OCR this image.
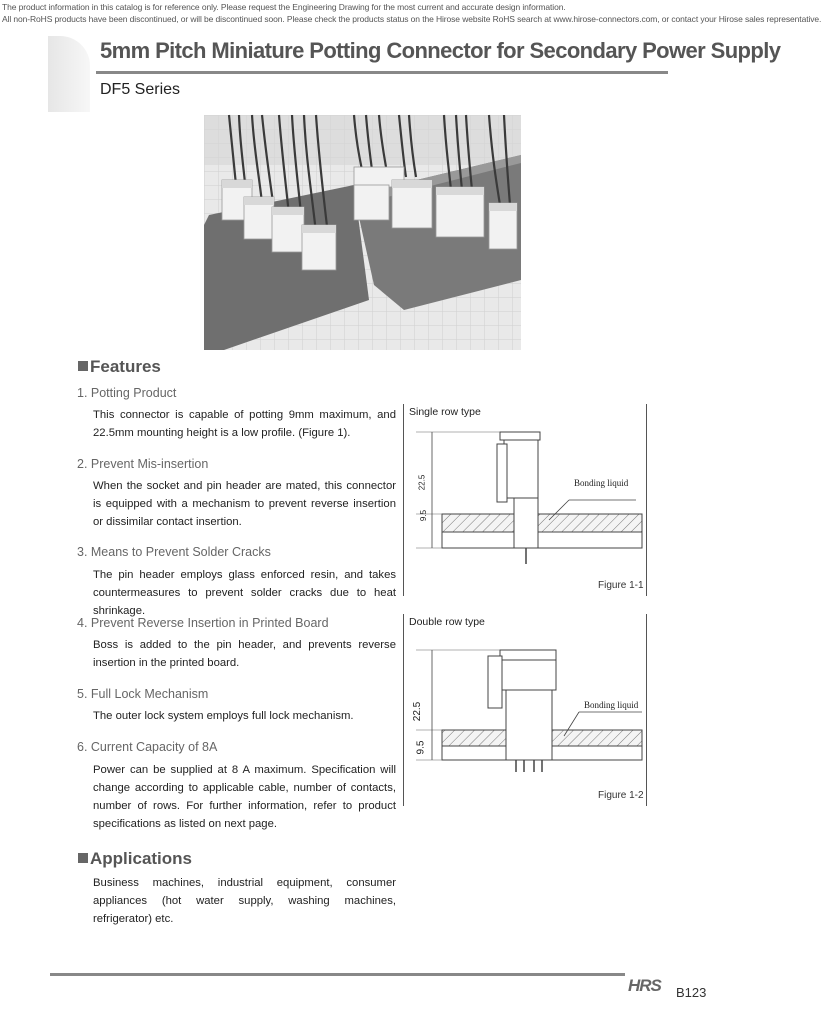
The product information in this catalog is for reference only. Please request the Engineering Drawing for the most current and accurate design information.
All non-RoHS products have been discontinued, or will be discontinued soon. Please check the products status on the Hirose website RoHS search at www.hirose-connectors.com, or contact your Hirose sales representative.
5mm Pitch Miniature Potting Connector for Secondary Power Supply
DF5 Series
Features
1. Potting Product
This connector is capable of potting 9mm maximum, and 22.5mm mounting height is a low profile. (Figure 1).
2. Prevent Mis-insertion
When the socket and pin header are mated, this connector is equipped with a mechanism to prevent reverse insertion or dissimilar contact insertion.
3. Means to Prevent Solder Cracks
The pin header employs glass enforced resin, and takes countermeasures to prevent solder cracks due to heat shrinkage.
4. Prevent Reverse Insertion in Printed Board
Boss is added to the pin header, and prevents reverse insertion in the printed board.
5. Full Lock Mechanism
The outer lock system employs full lock mechanism.
6. Current Capacity of 8A
Power can be supplied at 8 A maximum. Specification will change according to applicable cable, number of contacts, number of rows. For further information, refer to product specifications as listed on next page.
Applications
Business machines, industrial equipment, consumer appliances (hot water supply, washing machines, refrigerator) etc.
Single row type
22.5
9.5
Bonding liquid
Figure 1-1
Double row type
22.5
9.5
Bonding liquid
Figure 1-2
HRS B123
